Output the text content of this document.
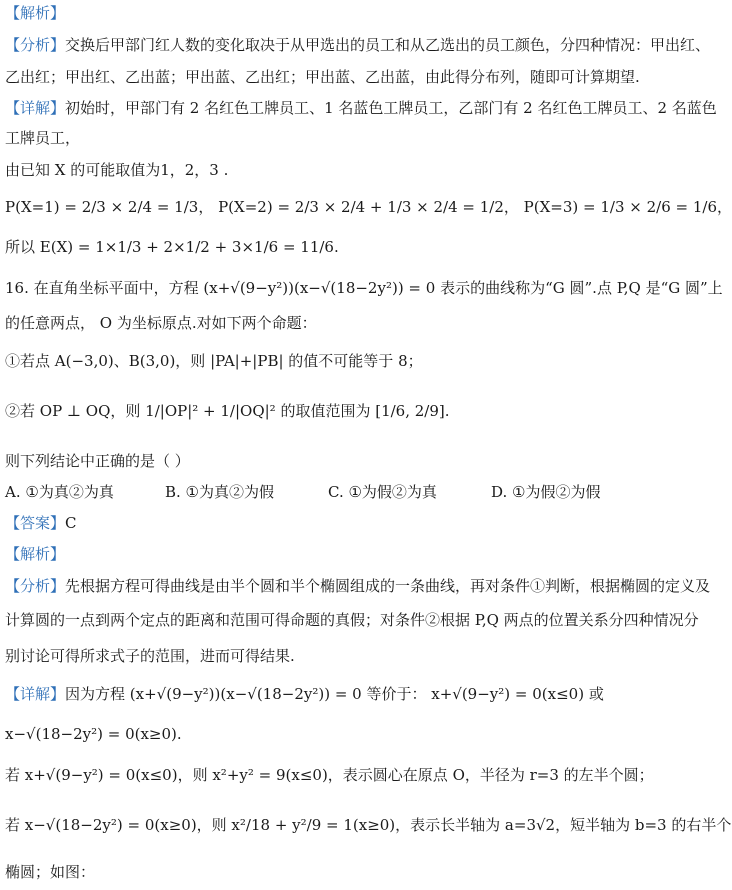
【解析】
【分析】交换后甲部门红人数的变化取决于从甲选出的员工和从乙选出的员工颜色，分四种情况：甲出红、
乙出红；甲出红、乙出蓝；甲出蓝、乙出红；甲出蓝、乙出蓝，由此得分布列，随即可计算期望.
【详解】初始时，甲部门有 2 名红色工牌员工、1 名蓝色工牌员工，乙部门有 2 名红色工牌员工、2 名蓝色
工牌员工，
由已知 X 的可能取值为1，2，3 .
P(X=1) = 2/3 × 2/4 = 1/3， P(X=2) = 2/3 × 2/4 + 1/3 × 2/4 = 1/2， P(X=3) = 1/3 × 2/6 = 1/6，
所以 E(X) = 1×1/3 + 2×1/2 + 3×1/6 = 11/6.
16. 在直角坐标平面中，方程 (x+√(9−y²))(x−√(18−2y²)) = 0 表示的曲线称为“G 圆”.点 P,Q 是“G 圆”上
的任意两点， O 为坐标原点.对如下两个命题：
①若点 A(−3,0)、B(3,0)，则 |PA|+|PB| 的值不可能等于 8；
②若 OP ⊥ OQ，则 1/|OP|² + 1/|OQ|² 的取值范围为 [1/6, 2/9].
则下列结论中正确的是（ ）
A. ①为真②为真	B. ①为真②为假	C. ①为假②为真	D. ①为假②为假
【答案】C
【解析】
【分析】先根据方程可得曲线是由半个圆和半个椭圆组成的一条曲线，再对条件①判断，根据椭圆的定义及
计算圆的一点到两个定点的距离和范围可得命题的真假；对条件②根据 P,Q 两点的位置关系分四种情况分
别讨论可得所求式子的范围，进而可得结果.
【详解】因为方程 (x+√(9−y²))(x−√(18−2y²)) = 0 等价于： x+√(9−y²) = 0(x≤0) 或
x−√(18−2y²) = 0(x≥0).
若 x+√(9−y²) = 0(x≤0)，则 x²+y² = 9(x≤0)，表示圆心在原点 O，半径为 r=3 的左半个圆；
若 x−√(18−2y²) = 0(x≥0)，则 x²/18 + y²/9 = 1(x≥0)，表示长半轴为 a=3√2，短半轴为 b=3 的右半个
椭圆；如图：
